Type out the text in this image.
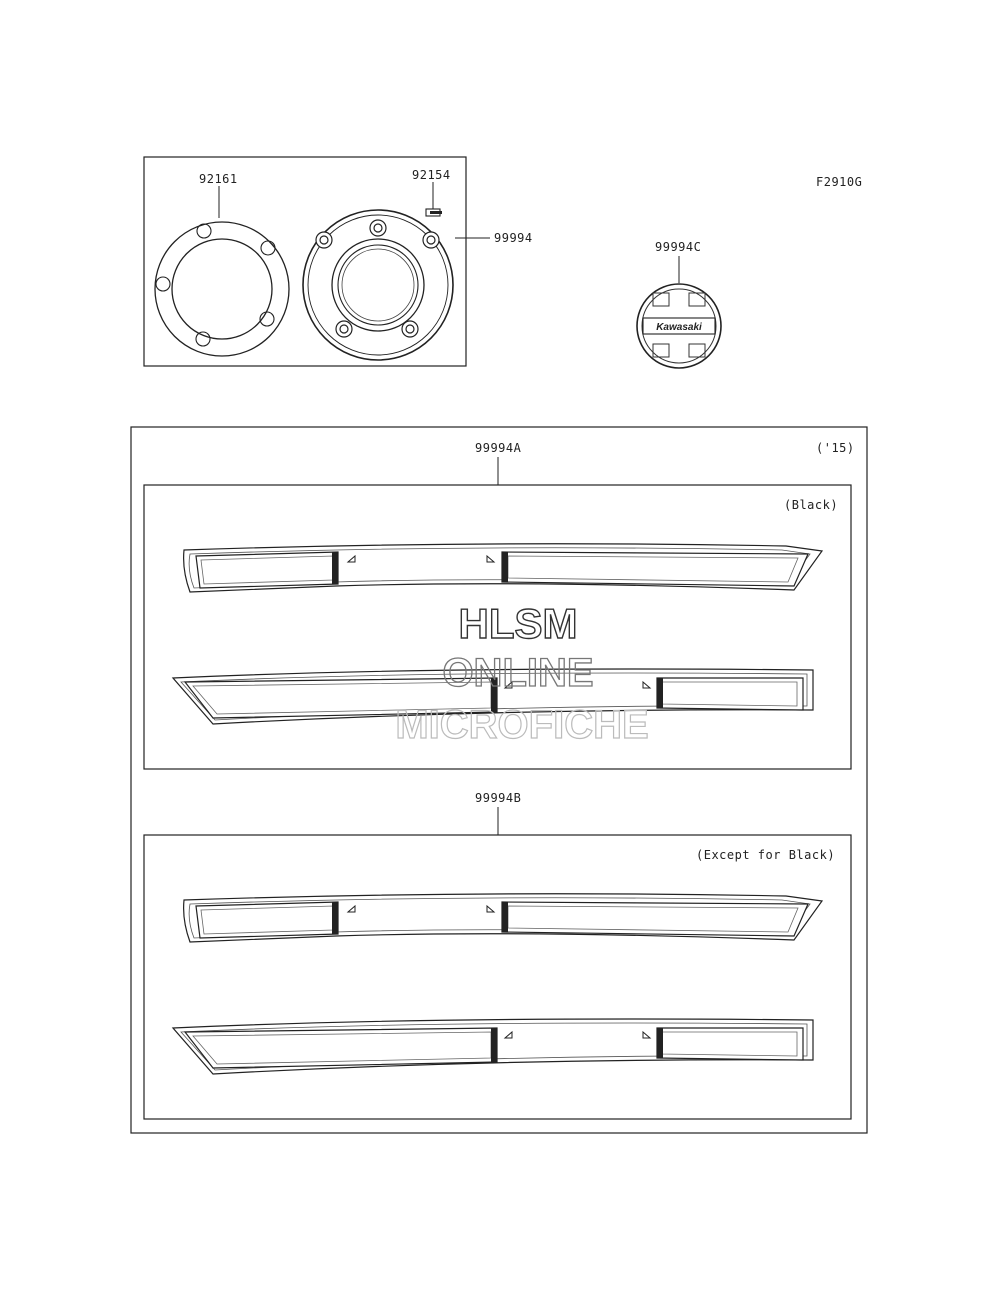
F2910G
92161
99994
92154
99994C
Kawasaki
('15)
99994A
(Black)
99994B
(Except for Black)
HLSM
ONLINE
MICROFICHE
